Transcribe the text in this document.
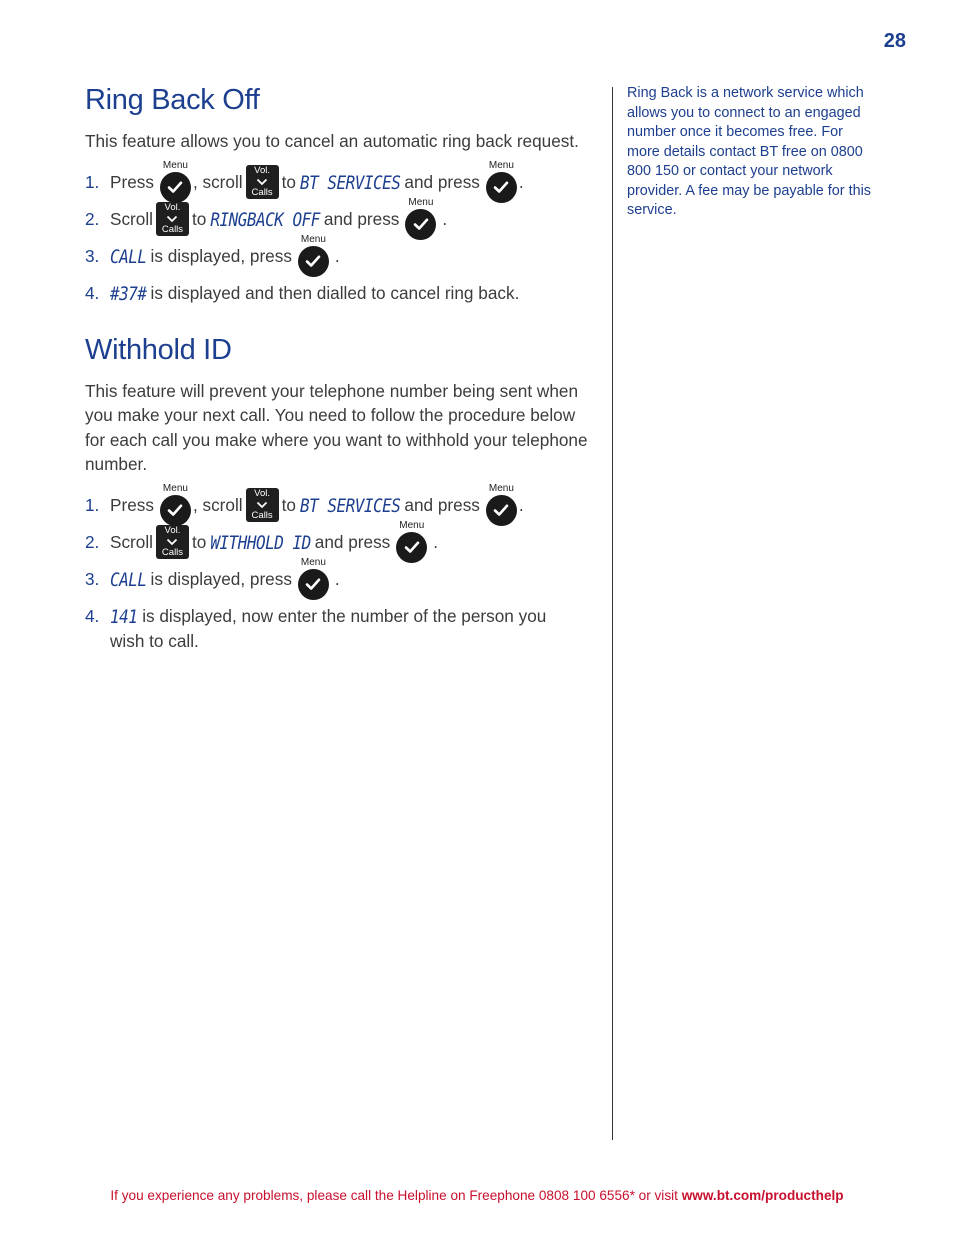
28
Ring Back Off

This feature allows you to cancel an automatic ring back request.

1. Press
Menu
, scroll
Vol.
Calls
to BT SERVICES and press
Menu
.
2. Scroll
Vol.
Calls
to RINGBACK OFF and press
Menu
.
3. CALL is displayed, press
Menu
.
4. #37# is displayed and then dialled to cancel ring back.
Withhold ID

This feature will prevent your telephone number being sent when you make your next call. You need to follow the procedure below for each call you make where you want to withhold your telephone number.

1. Press
Menu
, scroll
Vol.
Calls
to BT SERVICES and press
Menu
.
2. Scroll
Vol.
Calls
to WITHHOLD ID and press
Menu
.
3. CALL is displayed, press
Menu
.
4. 141 is displayed, now enter the number of the person you wish to call.
Ring Back is a network service which allows you to connect to an engaged number once it becomes free. For more details contact BT free on 0800 800 150 or contact your network provider. A fee may be payable for this service.
If you experience any problems, please call the Helpline on Freephone 0808 100 6556* or visit www.bt.com/producthelp
